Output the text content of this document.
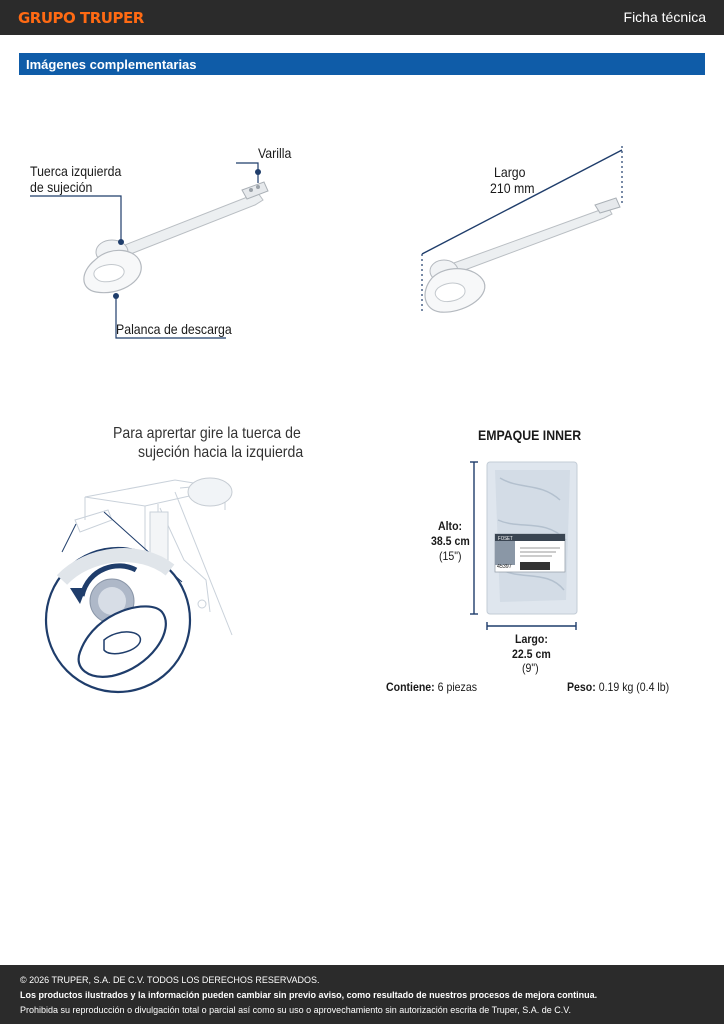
GRUPO TRUPER	Ficha técnica
Imágenes complementarias
Tuerca izquierda
de sujeción
Varilla
Palanca de descarga
Largo
210 mm
Para aprertar gire la tuerca de
sujeción hacia la izquierda
EMPAQUE INNER
Alto:
38.5 cm
(15")
Largo:
22.5 cm
(9")
FOSET
45397
Contiene: 6 piezas	Peso: 0.19 kg (0.4 lb)
© 2026 TRUPER, S.A. DE C.V. TODOS LOS DERECHOS RESERVADOS.
Los productos ilustrados y la información pueden cambiar sin previo aviso, como resultado de nuestros procesos de mejora continua.
Prohibida su reproducción o divulgación total o parcial así como su uso o aprovechamiento sin autorización escrita de Truper, S.A. de C.V.
